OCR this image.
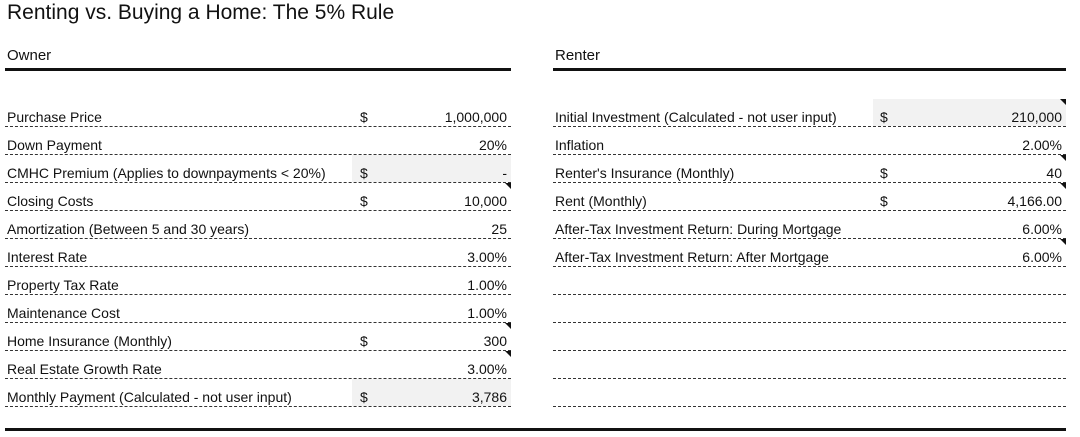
Renting vs. Buying a Home: The 5% Rule
Owner
Purchase Price	$	1,000,000
Down Payment	20%
CMHC Premium (Applies to downpayments < 20%) $	-
Closing Costs	$	10,000
Amortization (Between 5 and 30 years)	25
Interest Rate	3.00%
Property Tax Rate	1.00%
Maintenance Cost	1.00%
Home Insurance (Monthly)	$	300
Real Estate Growth Rate	3.00%
Monthly Payment (Calculated - not user input)	$	3,786
Renter
Initial Investment (Calculated - not user input)	$	210,000
Inflation	2.00%
Renter's Insurance (Monthly)	$	40
Rent (Monthly)	$	4,166.00
After-Tax Investment Return: During Mortgage	6.00%
After-Tax Investment Return: After Mortgage	6.00%
